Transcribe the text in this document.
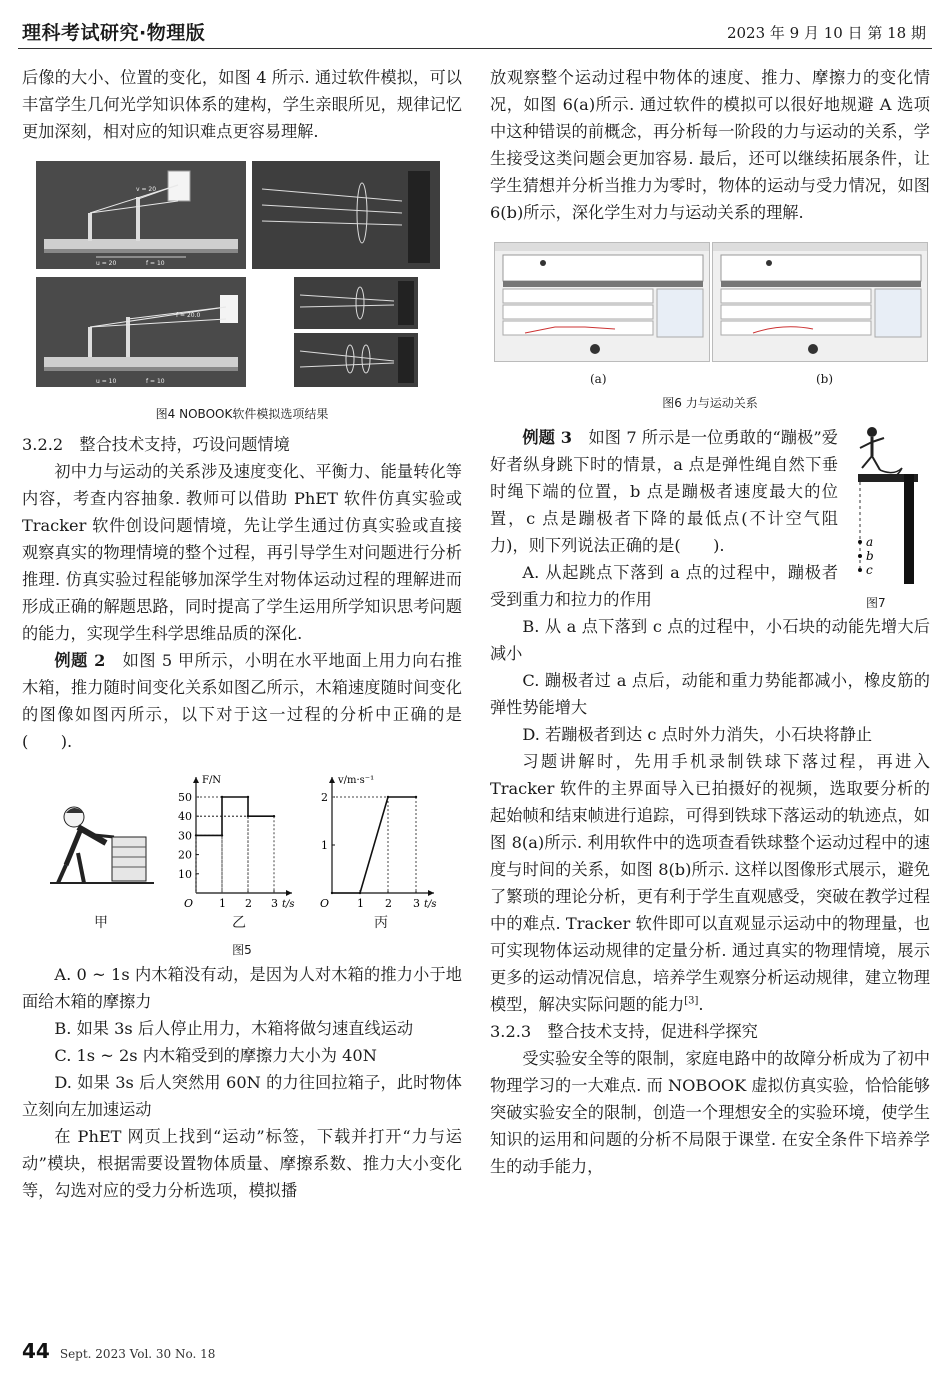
理科考试研究·物理版	2023 年 9 月 10 日 第 18 期

后像的大小、位置的变化，如图 4 所示. 通过软件模拟，可以丰富学生几何光学知识体系的建构，学生亲眼所见，规律记忆更加深刻，相对应的知识难点更容易理解.

v = 20
u = 20	f = 10
f = 20.0
u = 10	f = 10
图4 NOBOOK软件模拟选项结果

3.2.2　整合技术支持，巧设问题情境

初中力与运动的关系涉及速度变化、平衡力、能量转化等内容，考查内容抽象. 教师可以借助 PhET 软件仿真实验或 Tracker 软件创设问题情境，先让学生通过仿真实验或直接观察真实的物理情境的整个过程，再引导学生对问题进行分析推理. 仿真实验过程能够加深学生对物体运动过程的理解进而形成正确的解题思路，同时提高了学生运用所学知识思考问题的能力，实现学生科学思维品质的深化.

例题 2　如图 5 甲所示，小明在水平地面上用力向右推木箱，推力随时间变化关系如图乙所示，木箱速度随时间变化的图像如图丙所示，以下对于这一过程的分析中正确的是(　　).

甲
t/s
F/N
O 1 2 3
10
20
30
40
50
乙
t/s
v/m·s⁻¹
O	1 2 3
1
2
丙
图5

A. 0 ~ 1s 内木箱没有动，是因为人对木箱的推力小于地面给木箱的摩擦力

B. 如果 3s 后人停止用力，木箱将做匀速直线运动

C. 1s ~ 2s 内木箱受到的摩擦力大小为 40N

D. 如果 3s 后人突然用 60N 的力往回拉箱子，此时物体立刻向左加速运动

在 PhET 网页上找到“运动”标签，下载并打开“力与运动”模块，根据需要设置物体质量、摩擦系数、推力大小变化等，勾选对应的受力分析选项，模拟播

放观察整个运动过程中物体的速度、推力、摩擦力的变化情况，如图 6(a)所示. 通过软件的模拟可以很好地规避 A 选项中这种错误的前概念，再分析每一阶段的力与运动的关系，学生接受这类问题会更加容易. 最后，还可以继续拓展条件，让学生猜想并分析当推力为零时，物体的运动与受力情况，如图 6(b)所示，深化学生对力与运动关系的理解.

(a)	(b)
图6 力与运动关系
a
b
c
图7

例题 3　如图 7 所示是一位勇敢的“蹦极”爱好者纵身跳下时的情景，a 点是弹性绳自然下垂时绳下端的位置，b 点是蹦极者速度最大的位置，c 点是蹦极者下降的最低点(不计空气阻力)，则下列说法正确的是(　　).

A. 从起跳点下落到 a 点的过程中，蹦极者受到重力和拉力的作用

B. 从 a 点下落到 c 点的过程中，小石块的动能先增大后减小

C. 蹦极者过 a 点后，动能和重力势能都减小，橡皮筋的弹性势能增大

D. 若蹦极者到达 c 点时外力消失，小石块将静止

习题讲解时，先用手机录制铁球下落过程，再进入 Tracker 软件的主界面导入已拍摄好的视频，选取要分析的起始帧和结束帧进行追踪，可得到铁球下落运动的轨迹点，如图 8(a)所示. 利用软件中的选项查看铁球整个运动过程中的速度与时间的关系，如图 8(b)所示. 这样以图像形式展示，避免了繁琐的理论分析，更有利于学生直观感受，突破在教学过程中的难点. Tracker 软件即可以直观显示运动中的物理量，也可实现物体运动规律的定量分析. 通过真实的物理情境，展示更多的运动情况信息，培养学生观察分析运动规律，建立物理模型，解决实际问题的能力[3].

3.2.3　整合技术支持，促进科学探究

受实验安全等的限制，家庭电路中的故障分析成为了初中物理学习的一大难点. 而 NOBOOK 虚拟仿真实验，恰恰能够突破实验安全的限制，创造一个理想安全的实验环境，使学生知识的运用和问题的分析不局限于课堂. 在安全条件下培养学生的动手能力，

44 Sept. 2023 Vol. 30 No. 18
